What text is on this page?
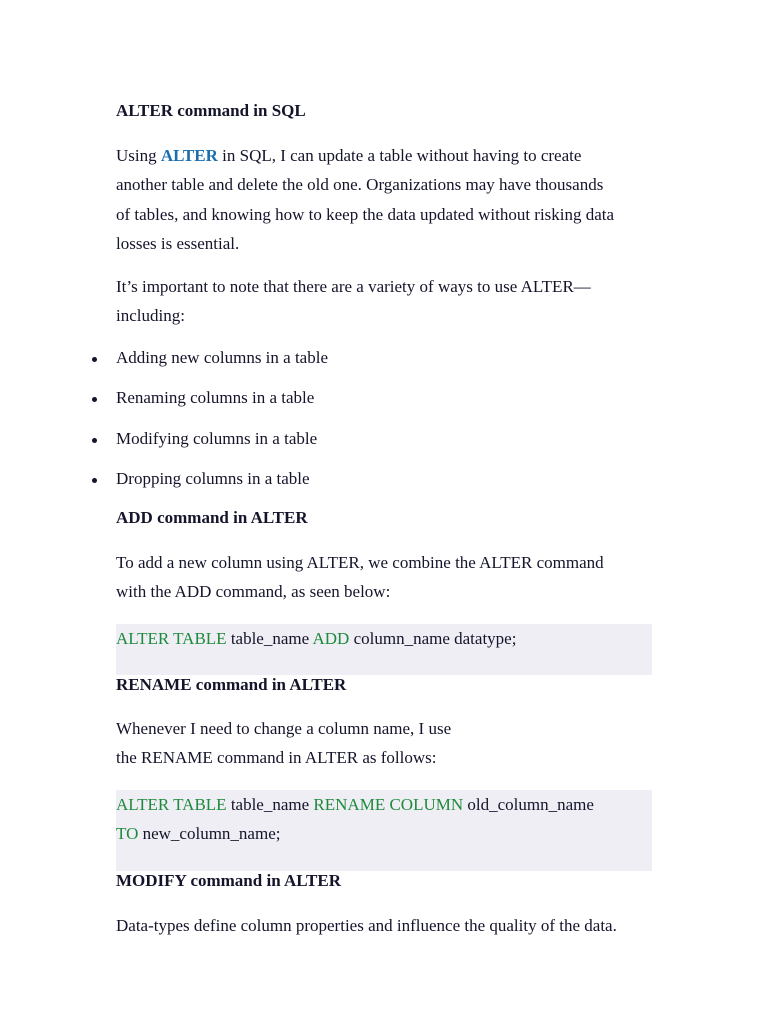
ALTER command in SQL

Using ALTER in SQL, I can update a table without having to create
another table and delete the old one. Organizations may have thousands
of tables, and knowing how to keep the data updated without risking data
losses is essential.

It’s important to note that there are a variety of ways to use ALTER—
including:

Adding new columns in a table
Renaming columns in a table
Modifying columns in a table
Dropping columns in a table
ADD command in ALTER

To add a new column using ALTER, we combine the ALTER command
with the ADD command, as seen below:

ALTER TABLE table_name ADD column_name datatype;
RENAME command in ALTER

Whenever I need to change a column name, I use
the RENAME command in ALTER as follows:

ALTER TABLE table_name RENAME COLUMN old_column_name
TO new_column_name;
MODIFY command in ALTER

Data-types define column properties and influence the quality of the data.
